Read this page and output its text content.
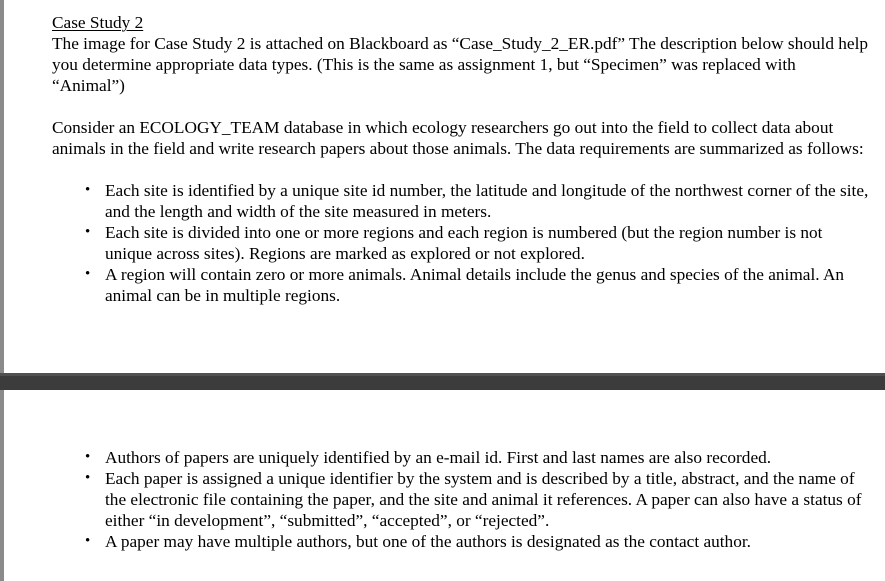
Case Study 2

The image for Case Study 2 is attached on Blackboard as “Case_Study_2_ER.pdf” The description below should help you determine appropriate data types. (This is the same as assignment 1, but “Specimen” was replaced with “Animal”)

Consider an ECOLOGY_TEAM database in which ecology researchers go out into the field to collect data about animals in the field and write research papers about those animals. The data requirements are summarized as follows:

• Each site is identified by a unique site id number, the latitude and longitude of the northwest corner of the site, and the length and width of the site measured in meters.
• Each site is divided into one or more regions and each region is numbered (but the region number is not unique across sites). Regions are marked as explored or not explored.
• A region will contain zero or more animals. Animal details include the genus and species of the animal. An animal can be in multiple regions.
• Authors of papers are uniquely identified by an e-mail id. First and last names are also recorded.
• Each paper is assigned a unique identifier by the system and is described by a title, abstract, and the name of the electronic file containing the paper, and the site and animal it references. A paper can also have a status of either “in development”, “submitted”, “accepted”, or “rejected”.
• A paper may have multiple authors, but one of the authors is designated as the contact author.
